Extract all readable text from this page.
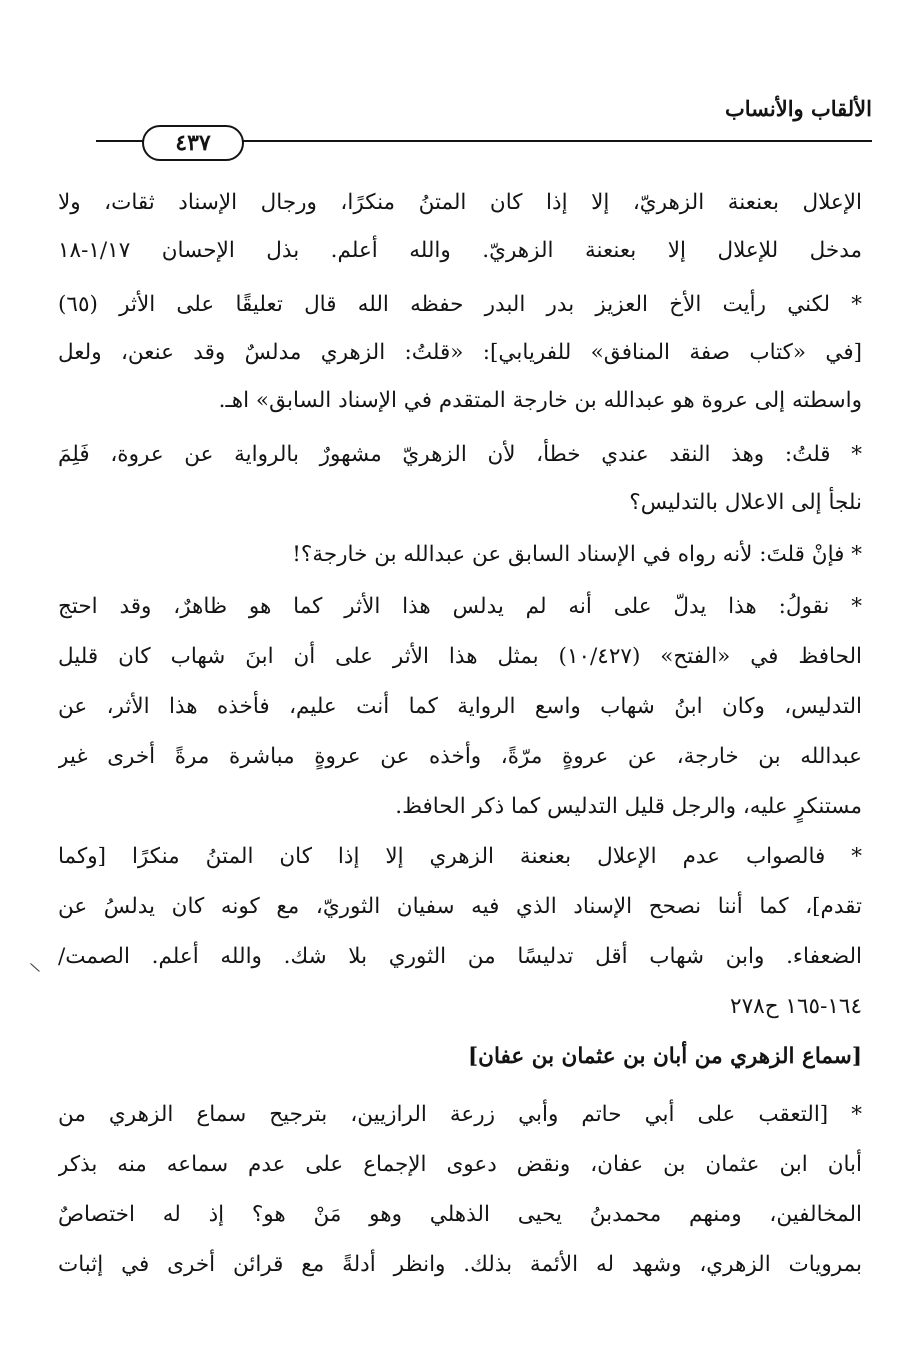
الألقاب والأنساب
٤٣٧
الإعلال بعنعنة الزهريّ، إلا إذا كان المتنُ منكرًا، ورجال الإسناد ثقات، ولا
مدخل للإعلال إلا بعنعنة الزهريّ. والله أعلم. بذل الإحسان ١/١٧-١٨
* لكني رأيت الأخ العزيز بدر البدر حفظه الله قال تعليقًا على الأثر (٦٥)
[في «كتاب صفة المنافق» للفريابي]: «قلتُ: الزهري مدلسٌ وقد عنعن، ولعل
واسطته إلى عروة هو عبدالله بن خارجة المتقدم في الإسناد السابق» اهـ.
* قلتُ: وهذ النقد عندي خطأ، لأن الزهريّ مشهورٌ بالرواية عن عروة، فَلِمَ
نلجأ إلى الاعلال بالتدليس؟
* فإنْ قلتَ: لأنه رواه في الإسناد السابق عن عبدالله بن خارجة؟!
* نقولُ: هذا يدلّ على أنه لم يدلس هذا الأثر كما هو ظاهرٌ، وقد احتج
الحافظ في «الفتح» (١٠/٤٢٧) بمثل هذا الأثر على أن ابنَ شهاب كان قليل
التدليس، وكان ابنُ شهاب واسع الرواية كما أنت عليم، فأخذه هذا الأثر، عن
عبدالله بن خارجة، عن عروةٍ مرّةً، وأخذه عن عروةٍ مباشرة مرةً أخرى غير
مستنكرٍ عليه، والرجل قليل التدليس كما ذكر الحافظ.
* فالصواب عدم الإعلال بعنعنة الزهري إلا إذا كان المتنُ منكرًا [وكما
تقدم]، كما أننا نصحح الإسناد الذي فيه سفيان الثوريّ، مع كونه كان يدلسُ عن
الضعفاء. وابن شهاب أقل تدليسًا من الثوري بلا شك. والله أعلم. الصمت/
١٦٤-١٦٥ ح٢٧٨
[سماع الزهري من أبان بن عثمان بن عفان]
* [التعقب على أبي حاتم وأبي زرعة الرازيين، بترجيح سماع الزهري من
أبان ابن عثمان بن عفان، ونقض دعوى الإجماع على عدم سماعه منه بذكر
المخالفين، ومنهم محمدبنُ يحيى الذهلي وهو مَنْ هو؟ إذ له اختصاصٌ
بمرويات الزهري، وشهد له الأئمة بذلك. وانظر أدلةً مع قرائن أخرى في إثبات
